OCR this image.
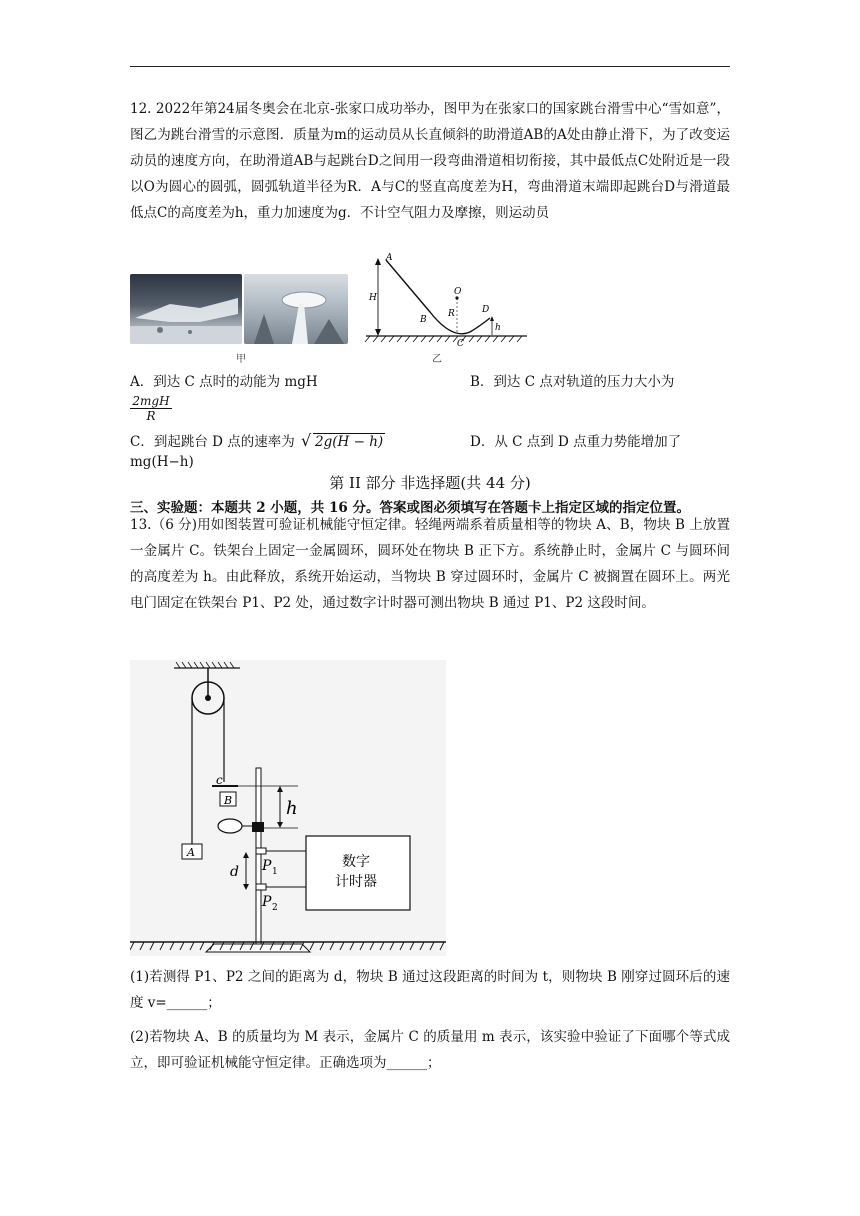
12. 2022年第24届冬奥会在北京-张家口成功举办，图甲为在张家口的国家跳台滑雪中心“雪如意”，图乙为跳台滑雪的示意图．质量为m的运动员从长直倾斜的助滑道AB的A处由静止滑下，为了改变运动员的速度方向，在助滑道AB与起跳台D之间用一段弯曲滑道相切衔接，其中最低点C处附近是一段以O为圆心的圆弧，圆弧轨道半径为R．A与C的竖直高度差为H，弯曲滑道末端即起跳台D与滑道最低点C的高度差为h，重力加速度为g．不计空气阻力及摩擦，则运动员
甲
A
H
B
O
R
C
D
h
乙
A．到达 C 点时的动能为 mgH	B．到达 C 点对轨道的压力大小为
2mgH
R
C．到起跳台 D 点的速率为 √ 2g(H − h)	D．从 C 点到 D 点重力势能增加了
mg(H−h)
第 II 部分 非选择题(共 44 分)
三、实验题：本题共 2 小题，共 16 分。答案或图必须填写在答题卡上指定区域的指定位置。
13.（6 分)用如图装置可验证机械能守恒定律。轻绳两端系着质量相等的物块 A、B，物块 B 上放置一金属片 C。铁架台上固定一金属圆环，圆环处在物块 B 正下方。系统静止时，金属片 C 与圆环间的高度差为 h。由此释放，系统开始运动，当物块 B 穿过圆环时，金属片 C 被搁置在圆环上。两光电门固定在铁架台 P1、P2 处，通过数字计时器可测出物块 B 通过 P1、P2 这段时间。
A
c
B	h
P 1
P 2
d
数字
计时器
(1)若测得 P1、P2 之间的距离为 d，物块 B 通过这段距离的时间为 t，则物块 B 刚穿过圆环后的速度 v=______；
(2)若物块 A、B 的质量均为 M 表示，金属片 C 的质量用 m 表示，该实验中验证了下面哪个等式成立，即可验证机械能守恒定律。正确选项为______；
